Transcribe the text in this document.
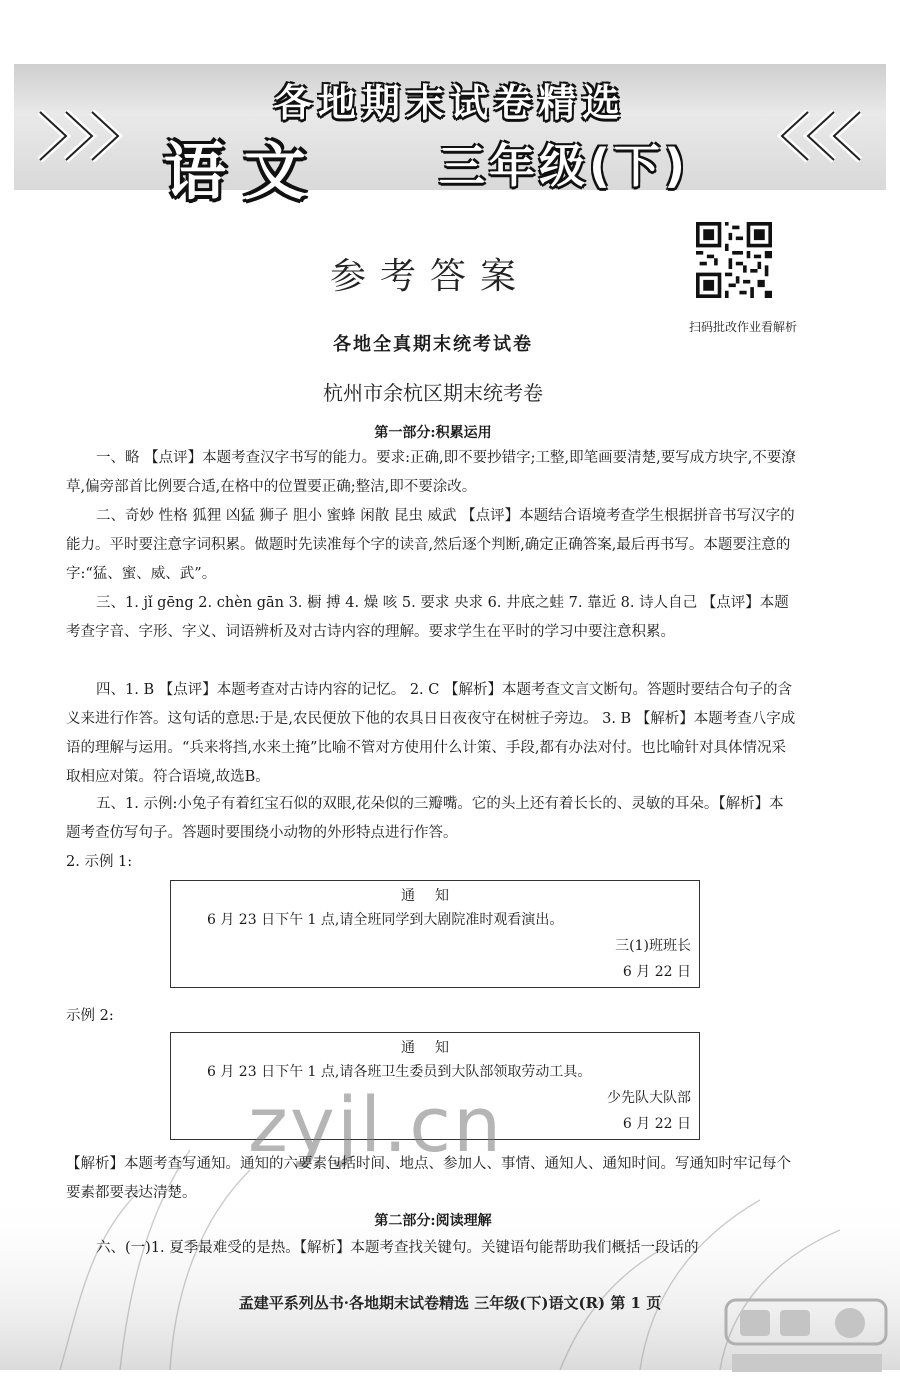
各地期末试卷精选
语文 三年级(下)
参考答案
扫码批改作业看解析
各地全真期末统考试卷
杭州市余杭区期末统考卷
第一部分:积累运用
一、略 【点评】本题考查汉字书写的能力。要求:正确,即不要抄错字;工整,即笔画要清楚,要写成方块字,不要潦草,偏旁部首比例要合适,在格中的位置要正确;整洁,即不要涂改。
二、奇妙 性格 狐狸 凶猛 狮子 胆小 蜜蜂 闲散 昆虫 威武 【点评】本题结合语境考查学生根据拼音书写汉字的能力。平时要注意字词积累。做题时先读准每个字的读音,然后逐个判断,确定正确答案,最后再书写。本题要注意的字:“猛、蜜、威、武”。
三、1. jǐ gēng 2. chèn gān 3. 橱 搏 4. 燥 咳 5. 要求 央求 6. 井底之蛙 7. 靠近 8. 诗人自己 【点评】本题考查字音、字形、字义、词语辨析及对古诗内容的理解。要求学生在平时的学习中要注意积累。
四、1. B 【点评】本题考查对古诗内容的记忆。 2. C 【解析】本题考查文言文断句。答题时要结合句子的含义来进行作答。这句话的意思:于是,农民便放下他的农具日日夜夜守在树桩子旁边。 3. B 【解析】本题考查八字成语的理解与运用。“兵来将挡,水来土掩”比喻不管对方使用什么计策、手段,都有办法对付。也比喻针对具体情况采取相应对策。符合语境,故选B。
五、1. 示例:小兔子有着红宝石似的双眼,花朵似的三瓣嘴。它的头上还有着长长的、灵敏的耳朵。【解析】本题考查仿写句子。答题时要围绕小动物的外形特点进行作答。
2. 示例 1:
通知
6 月 23 日下午 1 点,请全班同学到大剧院准时观看演出。
三(1)班班长
6 月 22 日
示例 2:
通知
6 月 23 日下午 1 点,请各班卫生委员到大队部领取劳动工具。
少先队大队部
6 月 22 日
zyjl.cn
【解析】本题考查写通知。通知的六要素包括时间、地点、参加人、事情、通知人、通知时间。写通知时牢记每个要素都要表达清楚。
第二部分:阅读理解
六、(一)1. 夏季最难受的是热。【解析】本题考查找关键句。关键语句能帮助我们概括一段话的
孟建平系列丛书·各地期末试卷精选 三年级(下)语文(R) 第 1 页
